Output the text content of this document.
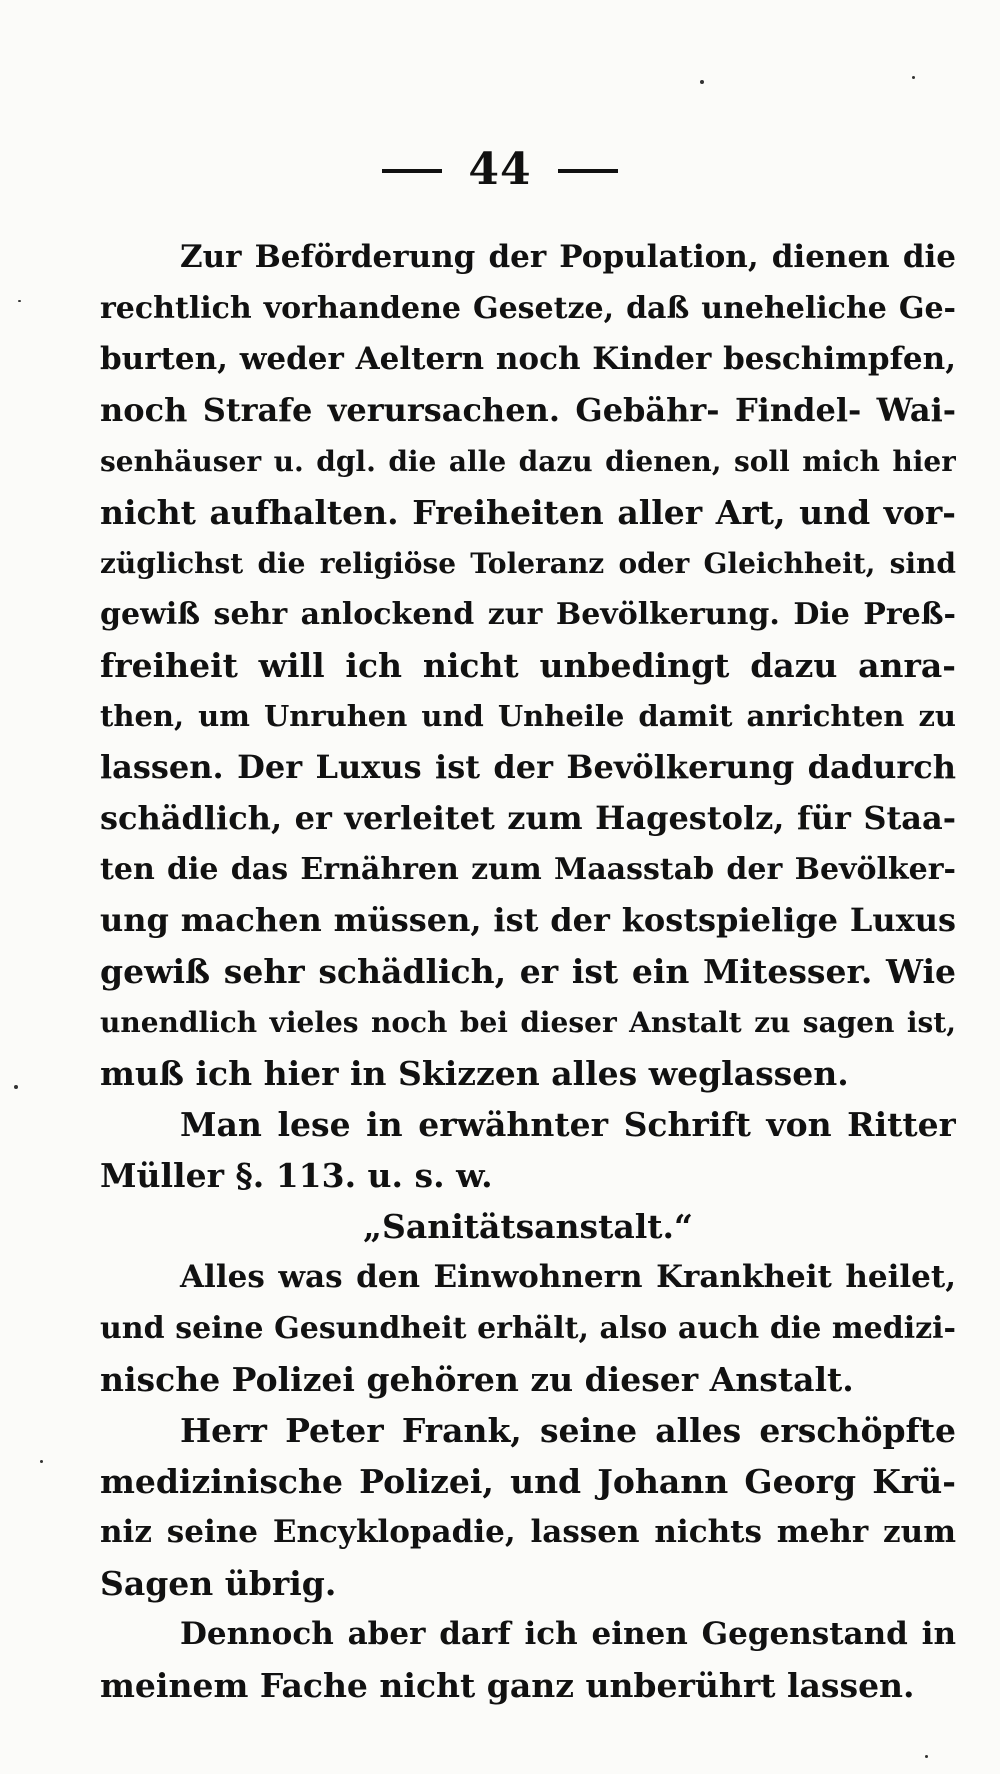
44
Zur Beförderung der Population, dienen die
rechtlich vorhandene Gesetze, daß uneheliche Ge-
burten, weder Aeltern noch Kinder beschimpfen,
noch Strafe verursachen. Gebähr- Findel- Wai-
senhäuser u. dgl. die alle dazu dienen, soll mich hier
nicht aufhalten. Freiheiten aller Art, und vor-
züglichst die religiöse Toleranz oder Gleichheit, sind
gewiß sehr anlockend zur Bevölkerung. Die Preß-
freiheit will ich nicht unbedingt dazu anra-
then, um Unruhen und Unheile damit anrichten zu
lassen. Der Luxus ist der Bevölkerung dadurch
schädlich, er verleitet zum Hagestolz, für Staa-
ten die das Ernähren zum Maasstab der Bevölker-
ung machen müssen, ist der kostspielige Luxus
gewiß sehr schädlich, er ist ein Mitesser. Wie
unendlich vieles noch bei dieser Anstalt zu sagen ist,
muß ich hier in Skizzen alles weglassen.
Man lese in erwähnter Schrift von Ritter
Müller §. 113. u. s. w.
„Sanitätsanstalt.“
Alles was den Einwohnern Krankheit heilet,
und seine Gesundheit erhält, also auch die medizi-
nische Polizei gehören zu dieser Anstalt.
Herr Peter Frank, seine alles erschöpfte
medizinische Polizei, und Johann Georg Krü-
niz seine Encyklopadie, lassen nichts mehr zum
Sagen übrig.
Dennoch aber darf ich einen Gegenstand in
meinem Fache nicht ganz unberührt lassen.
